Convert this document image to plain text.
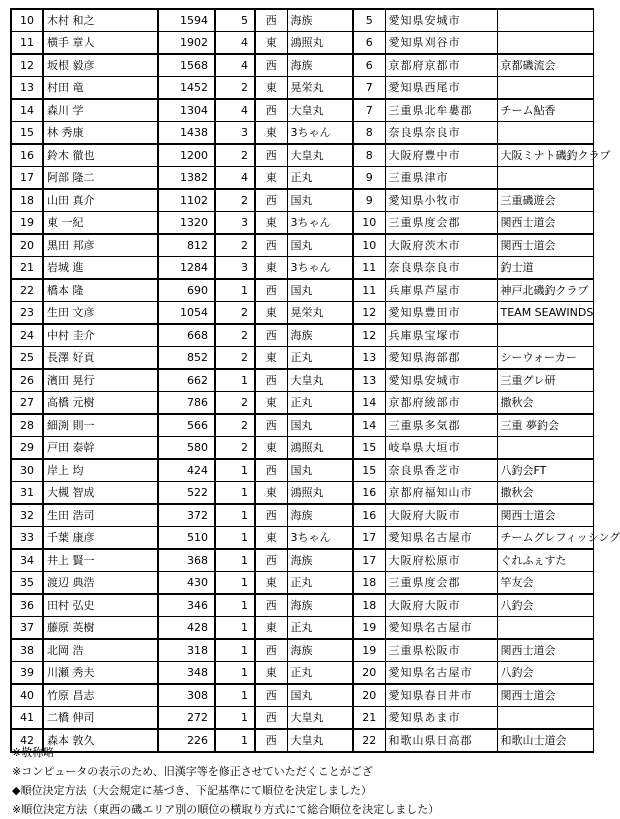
10	木村 和之	1594	5	西	海族	5	愛知県安城市	
11	横手 章人	1902	4	東	鴻照丸	6	愛知県刈谷市	
12	坂根 毅彦	1568	4	西	海族	6	京都府京都市	京都磯流会
13	村田 竜	1452	2	東	晃栄丸	7	愛知県西尾市	
14	森川 学	1304	4	西	大皇丸	7	三重県北牟婁郡	チーム鮎香
15	林 秀康	1438	3	東	3ちゃん	8	奈良県奈良市	
16	鈴木 徹也	1200	2	西	大皇丸	8	大阪府豊中市	大阪ミナト磯釣クラブ
17	阿部 隆二	1382	4	東	正丸	9	三重県津市	
18	山田 真介	1102	2	西	国丸	9	愛知県小牧市	三重磯遊会
19	東 一紀	1320	3	東	3ちゃん	10	三重県度会郡	関西士道会
20	黒田 邦彦	812	2	西	国丸	10	大阪府茨木市	関西士道会
21	岩城 進	1284	3	東	3ちゃん	11	奈良県奈良市	釣士道
22	橋本 隆	690	1	西	国丸	11	兵庫県芦屋市	神戸北磯釣クラブ
23	生田 文彦	1054	2	東	晃栄丸	12	愛知県豊田市	TEAM SEAWINDS
24	中村 圭介	668	2	西	海族	12	兵庫県宝塚市	
25	長澤 好貢	852	2	東	正丸	13	愛知県海部郡	シーウォーカー
26	濱田 晃行	662	1	西	大皇丸	13	愛知県安城市	三重グレ研
27	高橋 元樹	786	2	東	正丸	14	京都府綾部市	撒秋会
28	細渕 則一	566	2	西	国丸	14	三重県多気郡	三重 夢釣会
29	戸田 泰幹	580	2	東	鴻照丸	15	岐阜県大垣市	
30	岸上 均	424	1	西	国丸	15	奈良県香芝市	八釣会FT
31	大槻 智成	522	1	東	鴻照丸	16	京都府福知山市	撒秋会
32	生田 浩司	372	1	西	海族	16	大阪府大阪市	関西士道会
33	千葉 康彦	510	1	東	3ちゃん	17	愛知県名古屋市	チームグレフィッシング
34	井上 賢一	368	1	西	海族	17	大阪府松原市	ぐれふぇすた
35	渡辺 典浩	430	1	東	正丸	18	三重県度会郡	竿友会
36	田村 弘史	346	1	西	海族	18	大阪府大阪市	八釣会
37	藤原 英樹	428	1	東	正丸	19	愛知県名古屋市	
38	北岡 浩	318	1	西	海族	19	三重県松阪市	関西士道会
39	川瀬 秀夫	348	1	東	正丸	20	愛知県名古屋市	八釣会
40	竹原 昌志	308	1	西	国丸	20	愛知県春日井市	関西士道会
41	二橋 伸司	272	1	西	大皇丸	21	愛知県あま市	
42	森本 敦久	226	1	西	大皇丸	22	和歌山県日高郡	和歌山士道会
※敬称略
※コンピュータの表示のため、旧漢字等を修正させていただくことがござ
◆順位決定方法（大会規定に基づき、下記基準にて順位を決定しました）
※順位決定方法（東西の磯エリア別の順位の横取り方式にて総合順位を決定しました）
